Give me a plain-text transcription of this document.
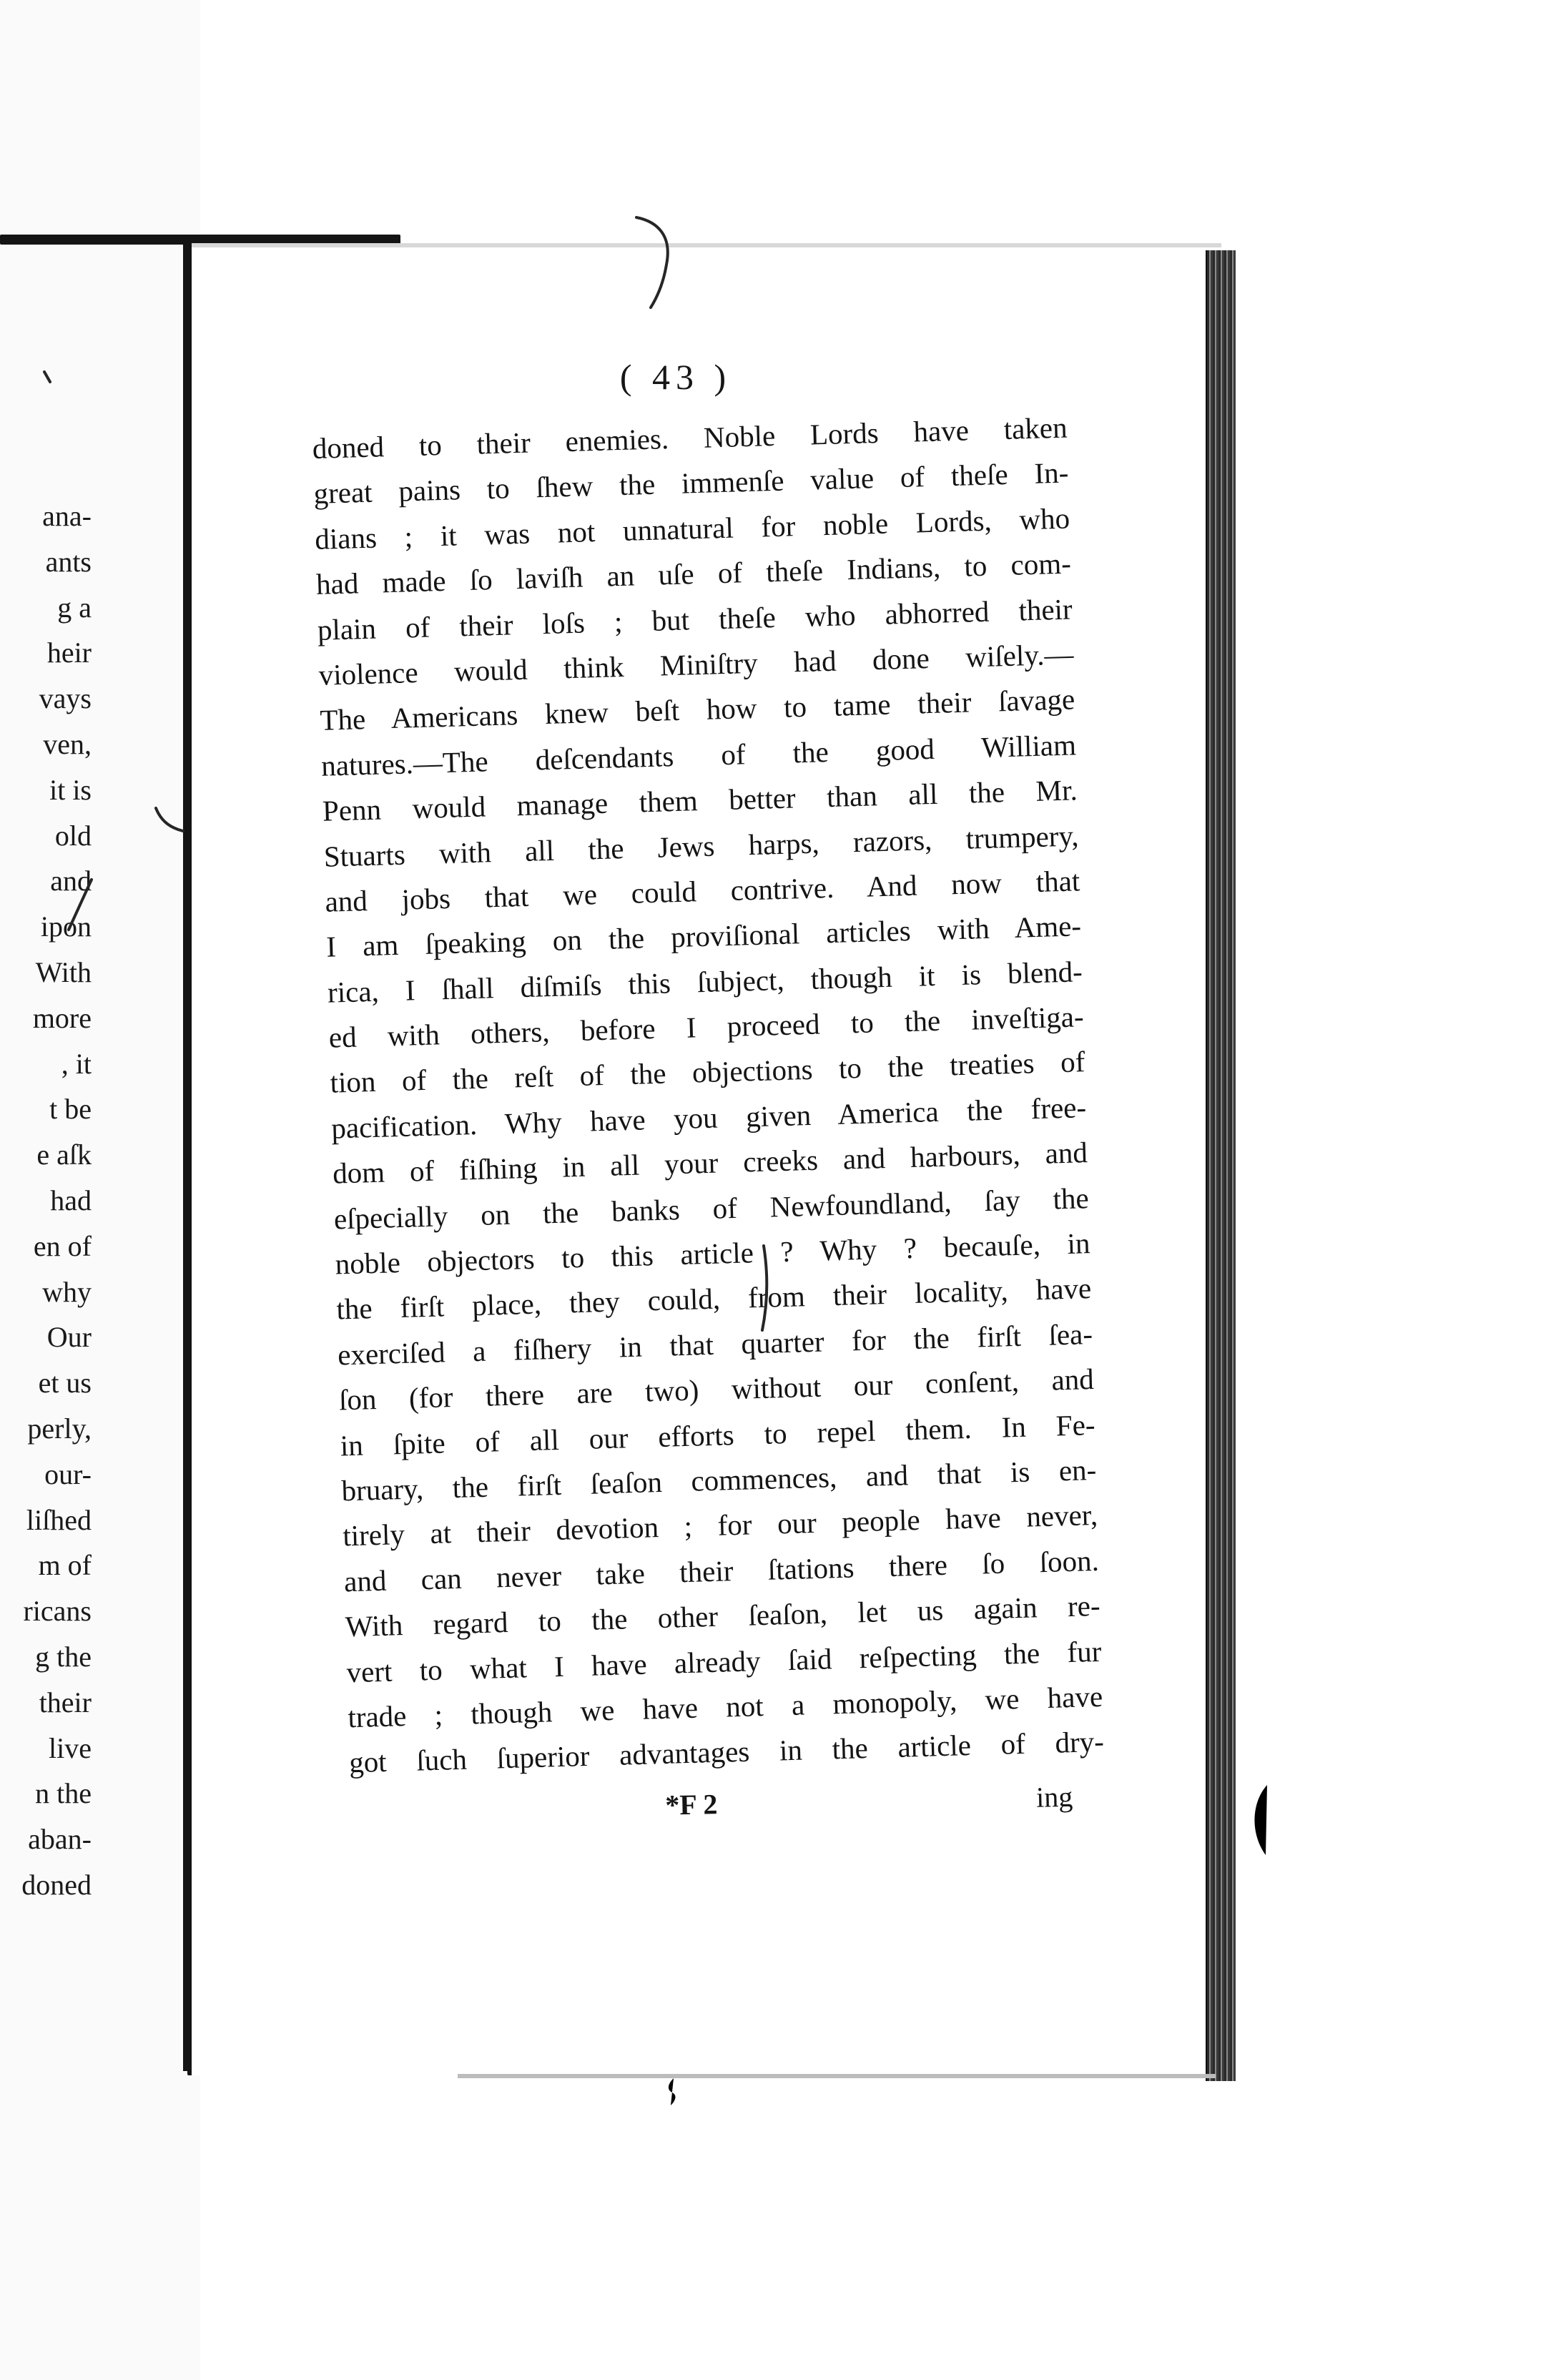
ana-
ants
g a
heir
vays
ven,
it is
old
and
ipon
With
more
, it
t be
e aſk
had
en of
why
Our
et us
perly,
our-
liſhed
m of
ricans
g the
their
live
n the
aban-
doned
( 43 )
doned to their enemies. Noble Lords have taken
great pains to ſhew the immenſe value of theſe In-
dians ; it was not unnatural for noble Lords, who
had made ſo laviſh an uſe of theſe Indians, to com-
plain of their loſs ; but theſe who abhorred their
violence would think Miniſtry had done wiſely.—
The Americans knew beſt how to tame their ſavage
natures.—The deſcendants of the good William
Penn would manage them better than all the Mr.
Stuarts with all the Jews harps, razors, trumpery,
and jobs that we could contrive. And now that
I am ſpeaking on the proviſional articles with Ame-
rica, I ſhall diſmiſs this ſubject, though it is blend-
ed with others, before I proceed to the inveſtiga-
tion of the reſt of the objections to the treaties of
pacification. Why have you given America the free-
dom of fiſhing in all your creeks and harbours, and
eſpecially on the banks of Newfoundland, ſay the
noble objectors to this article ? Why ? becauſe, in
the firſt place, they could, from their locality, have
exerciſed a fiſhery in that quarter for the firſt ſea-
ſon (for there are two) without our conſent, and
in ſpite of all our efforts to repel them. In Fe-
bruary, the firſt ſeaſon commences, and that is en-
tirely at their devotion ; for our people have never,
and can never take their ſtations there ſo ſoon.
With regard to the other ſeaſon, let us again re-
vert to what I have already ſaid reſpecting the fur
trade ; though we have not a monopoly, we have
got ſuch ſuperior advantages in the article of dry-
*F 2	ing
